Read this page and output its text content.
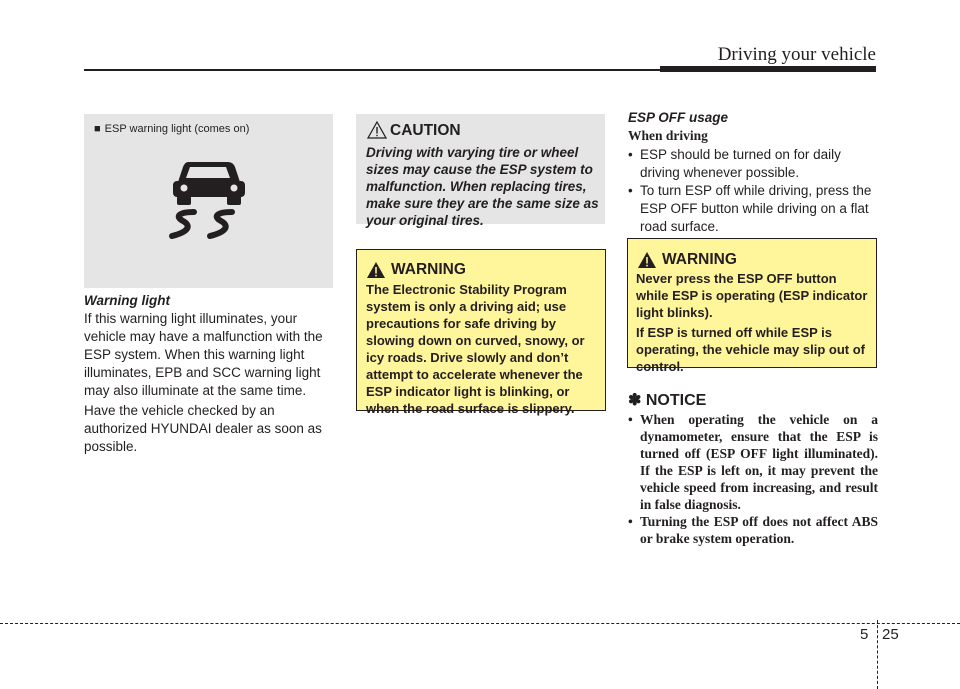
Driving your vehicle
■ ESP warning light (comes on)
Warning light

If this warning light illuminates, your vehicle may have a malfunction with the ESP system. When this warning light illuminates, EPB and SCC warning light may also illuminate at the same time.

Have the vehicle checked by an authorized HYUNDAI dealer as soon as possible.

CAUTION
Driving with varying tire or wheel sizes may cause the ESP system to malfunction. When replacing tires, make sure they are the same size as your original tires.
WARNING
The Electronic Stability Program system is only a driving aid; use precautions for safe driving by slowing down on curved, snowy, or icy roads. Drive slowly and don’t attempt to accelerate whenever the ESP indicator light is blinking, or when the road surface is slippery.
ESP OFF usage
When driving
• ESP should be turned on for daily driving whenever possible.
• To turn ESP off while driving, press the ESP OFF button while driving on a flat road surface.
WARNING

Never press the ESP OFF button while ESP is operating (ESP indicator light blinks).

If ESP is turned off while ESP is operating, the vehicle may slip out of control.

✽ NOTICE
• When operating the vehicle on a dynamometer, ensure that the ESP is turned off (ESP OFF light illuminated). If the ESP is left on, it may prevent the vehicle speed from increasing, and result in false diagnosis.
• Turning the ESP off does not affect ABS or brake system operation.
5 25
